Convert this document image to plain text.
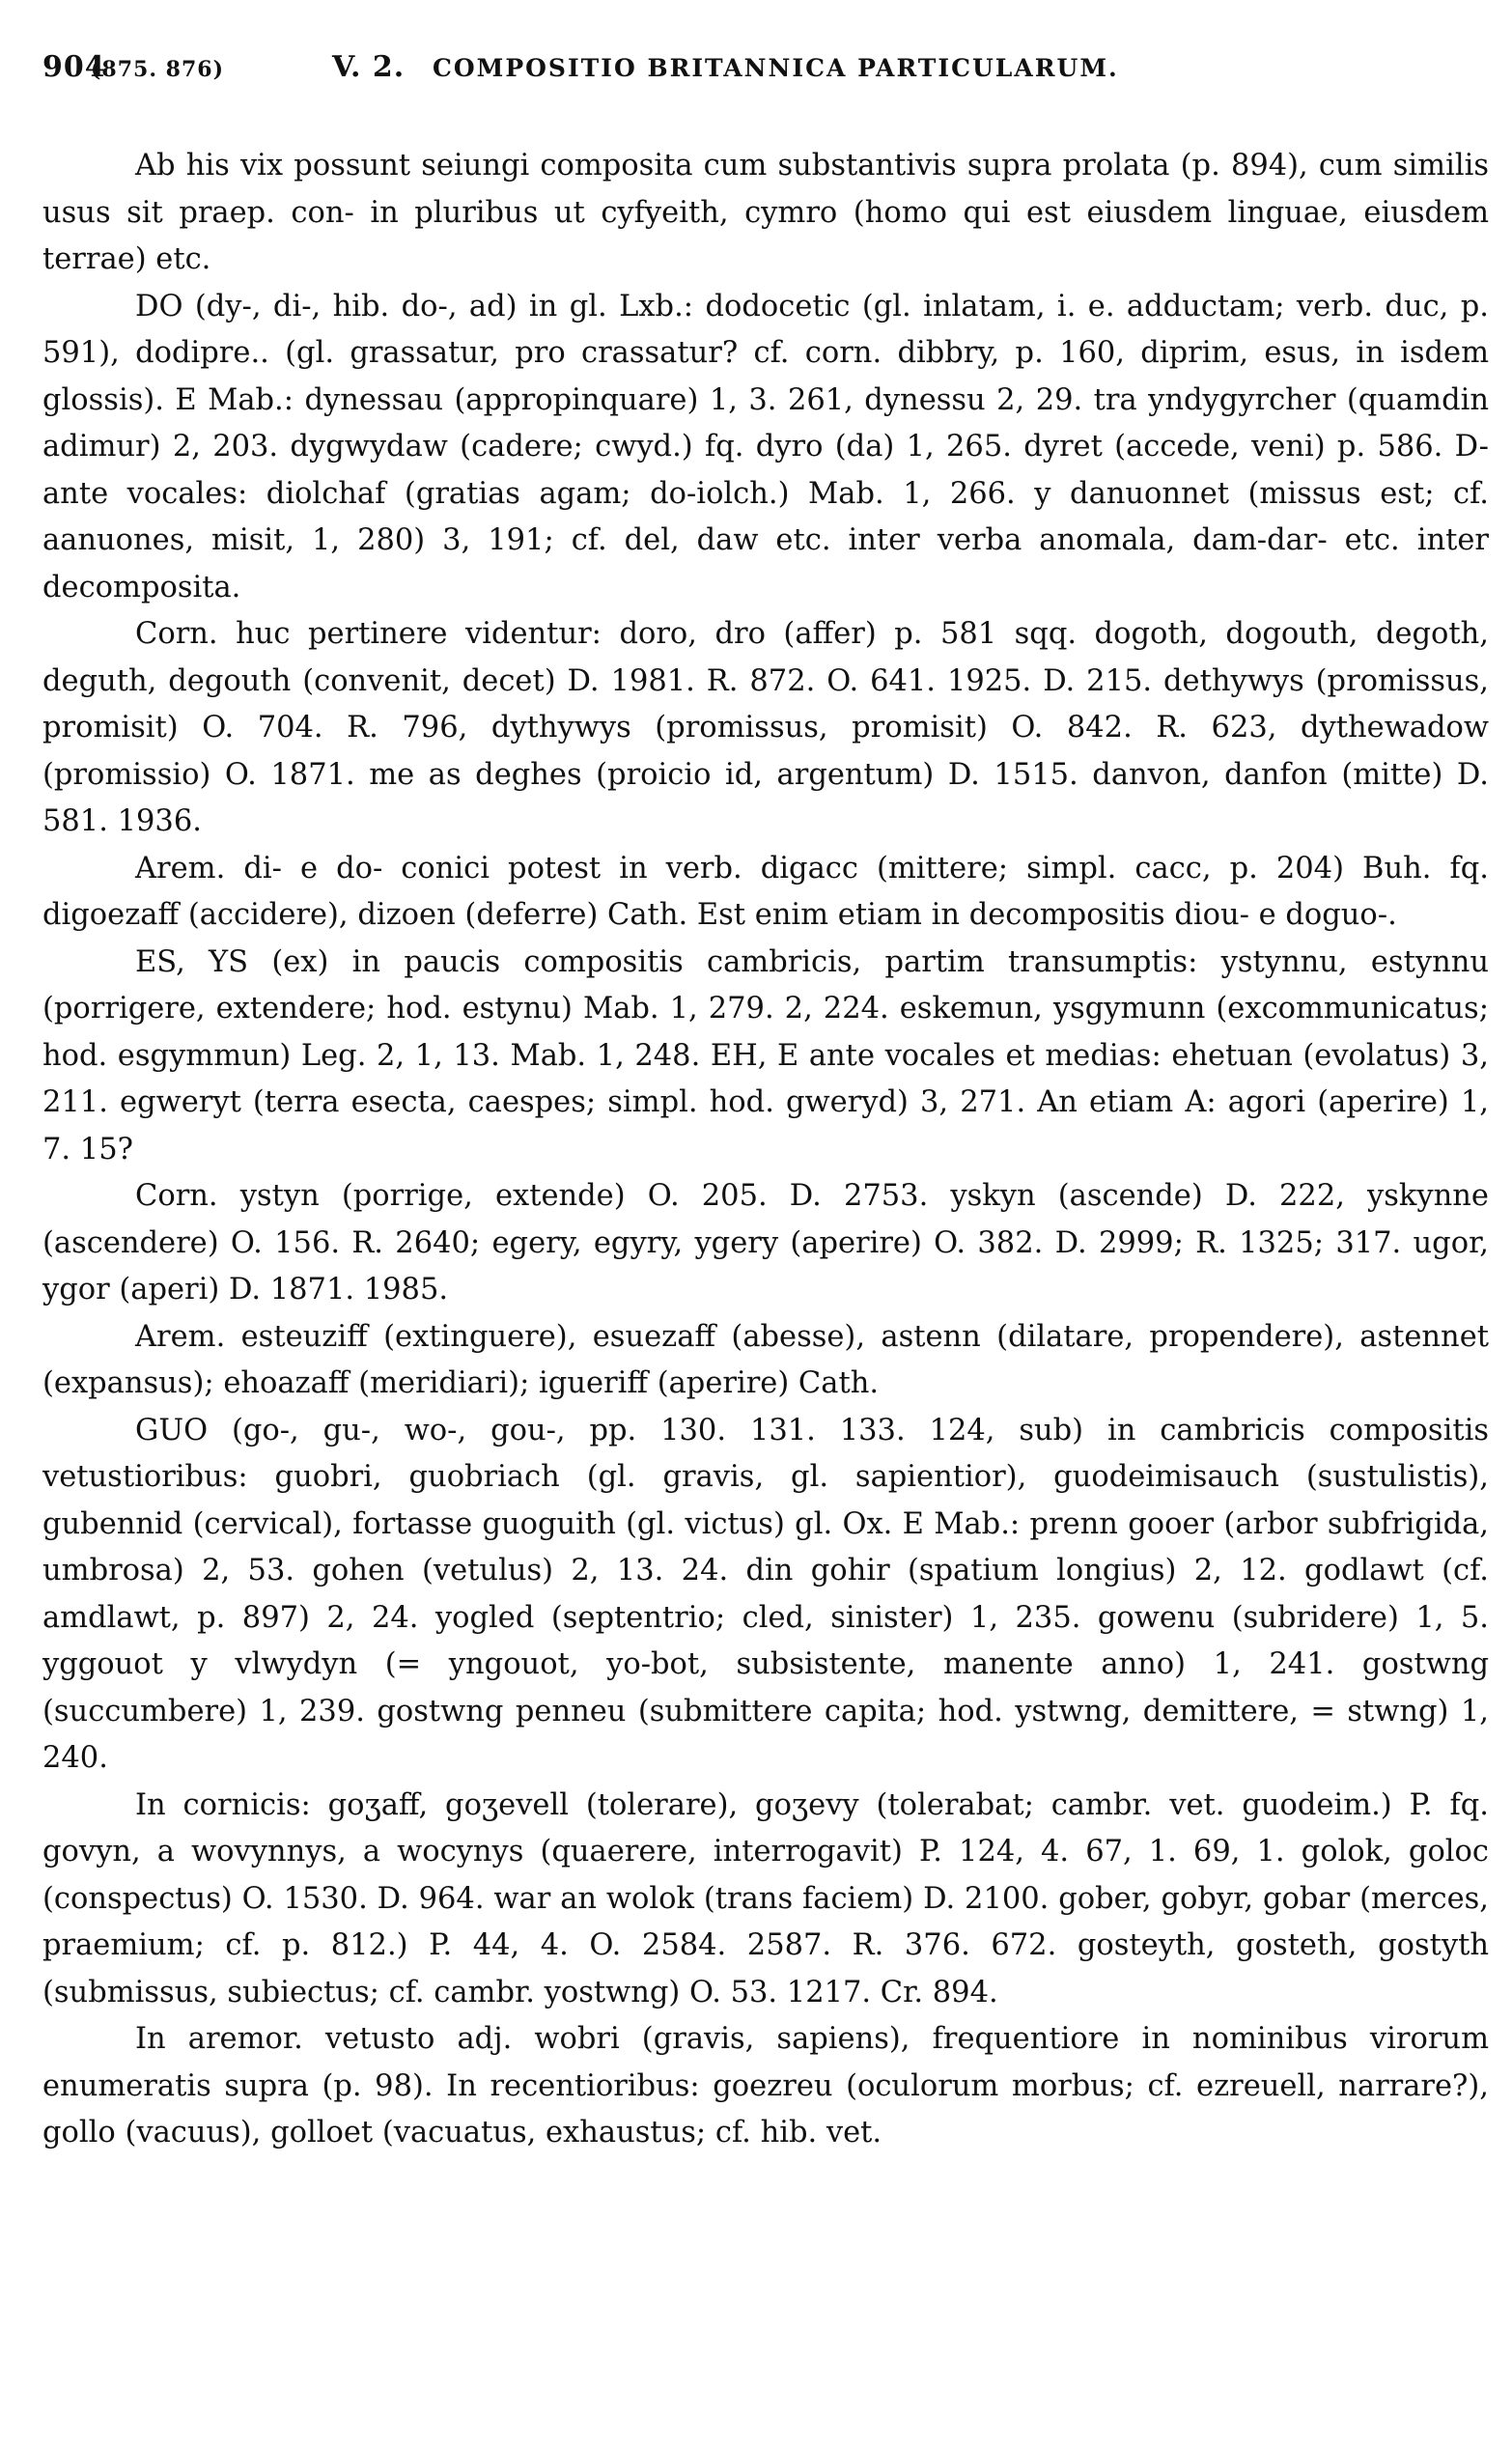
904
(875. 876)	V. 2.	COMPOSITIO BRITANNICA PARTICULARUM.

Ab his vix possunt seiungi composita cum substantivis supra prolata (p. 894), cum similis usus sit praep. con- in pluribus ut cyfyeith, cymro (homo qui est eiusdem linguae, eiusdem terrae) etc.

DO (dy-, di-, hib. do-, ad) in gl. Lxb.: dodocetic (gl. inlatam, i. e. adductam; verb. duc, p. 591), dodipre.. (gl. grassatur, pro crassatur? cf. corn. dibbry, p. 160, diprim, esus, in isdem glossis). E Mab.: dynessau (appropinquare) 1, 3. 261, dynessu 2, 29. tra yndygyrcher (quamdin adimur) 2, 203. dygwydaw (cadere; cwyd.) fq. dyro (da) 1, 265. dyret (accede, veni) p. 586. D- ante vocales: diolchaf (gratias agam; do-iolch.) Mab. 1, 266. y danuonnet (missus est; cf. aanuones, misit, 1, 280) 3, 191; cf. del, daw etc. inter verba anomala, dam-dar- etc. inter decomposita.

Corn. huc pertinere videntur: doro, dro (affer) p. 581 sqq. dogoth, dogouth, degoth, deguth, degouth (convenit, decet) D. 1981. R. 872. O. 641. 1925. D. 215. dethywys (promissus, promisit) O. 704. R. 796, dythywys (promissus, promisit) O. 842. R. 623, dythewadow (promissio) O. 1871. me as deghes (proicio id, argentum) D. 1515. danvon, danfon (mitte) D. 581. 1936.

Arem. di- e do- conici potest in verb. digacc (mittere; simpl. cacc, p. 204) Buh. fq. digoezaff (accidere), dizoen (deferre) Cath. Est enim etiam in decompositis diou- e doguo-.

ES, YS (ex) in paucis compositis cambricis, partim transumptis: ystynnu, estynnu (porrigere, extendere; hod. estynu) Mab. 1, 279. 2, 224. eskemun, ysgymunn (excommunicatus; hod. esgymmun) Leg. 2, 1, 13. Mab. 1, 248. EH, E ante vocales et medias: ehetuan (evolatus) 3, 211. egweryt (terra esecta, caespes; simpl. hod. gweryd) 3, 271. An etiam A: agori (aperire) 1, 7. 15?

Corn. ystyn (porrige, extende) O. 205. D. 2753. yskyn (ascende) D. 222, yskynne (ascendere) O. 156. R. 2640; egery, egyry, ygery (aperire) O. 382. D. 2999; R. 1325; 317. ugor, ygor (aperi) D. 1871. 1985.

Arem. esteuziff (extinguere), esuezaff (abesse), astenn (dilatare, propendere), astennet (expansus); ehoazaff (meridiari); igueriff (aperire) Cath.

GUO (go-, gu-, wo-, gou-, pp. 130. 131. 133. 124, sub) in cambricis compositis vetustioribus: guobri, guobriach (gl. gravis, gl. sapientior), guodeimisauch (sustulistis), gubennid (cervical), fortasse guoguith (gl. victus) gl. Ox. E Mab.: prenn gooer (arbor subfrigida, umbrosa) 2, 53. gohen (vetulus) 2, 13. 24. din gohir (spatium longius) 2, 12. godlawt (cf. amdlawt, p. 897) 2, 24. yogled (septentrio; cled, sinister) 1, 235. gowenu (subridere) 1, 5. yggouot y vlwydyn (= yngouot, yo-bot, subsistente, manente anno) 1, 241. gostwng (succumbere) 1, 239. gostwng penneu (submittere capita; hod. ystwng, demittere, = stwng) 1, 240.

In cornicis: goʒaff, goʒevell (tolerare), goʒevy (tolerabat; cambr. vet. guodeim.) P. fq. govyn, a wovynnys, a wocynys (quaerere, interrogavit) P. 124, 4. 67, 1. 69, 1. golok, goloc (conspectus) O. 1530. D. 964. war an wolok (trans faciem) D. 2100. gober, gobyr, gobar (merces, praemium; cf. p. 812.) P. 44, 4. O. 2584. 2587. R. 376. 672. gosteyth, gosteth, gostyth (submissus, subiectus; cf. cambr. yostwng) O. 53. 1217. Cr. 894.

In aremor. vetusto adj. wobri (gravis, sapiens), frequentiore in nominibus virorum enumeratis supra (p. 98). In recentioribus: goezreu (oculorum morbus; cf. ezreuell, narrare?), gollo (vacuus), golloet (vacuatus, exhaustus; cf. hib. vet.
